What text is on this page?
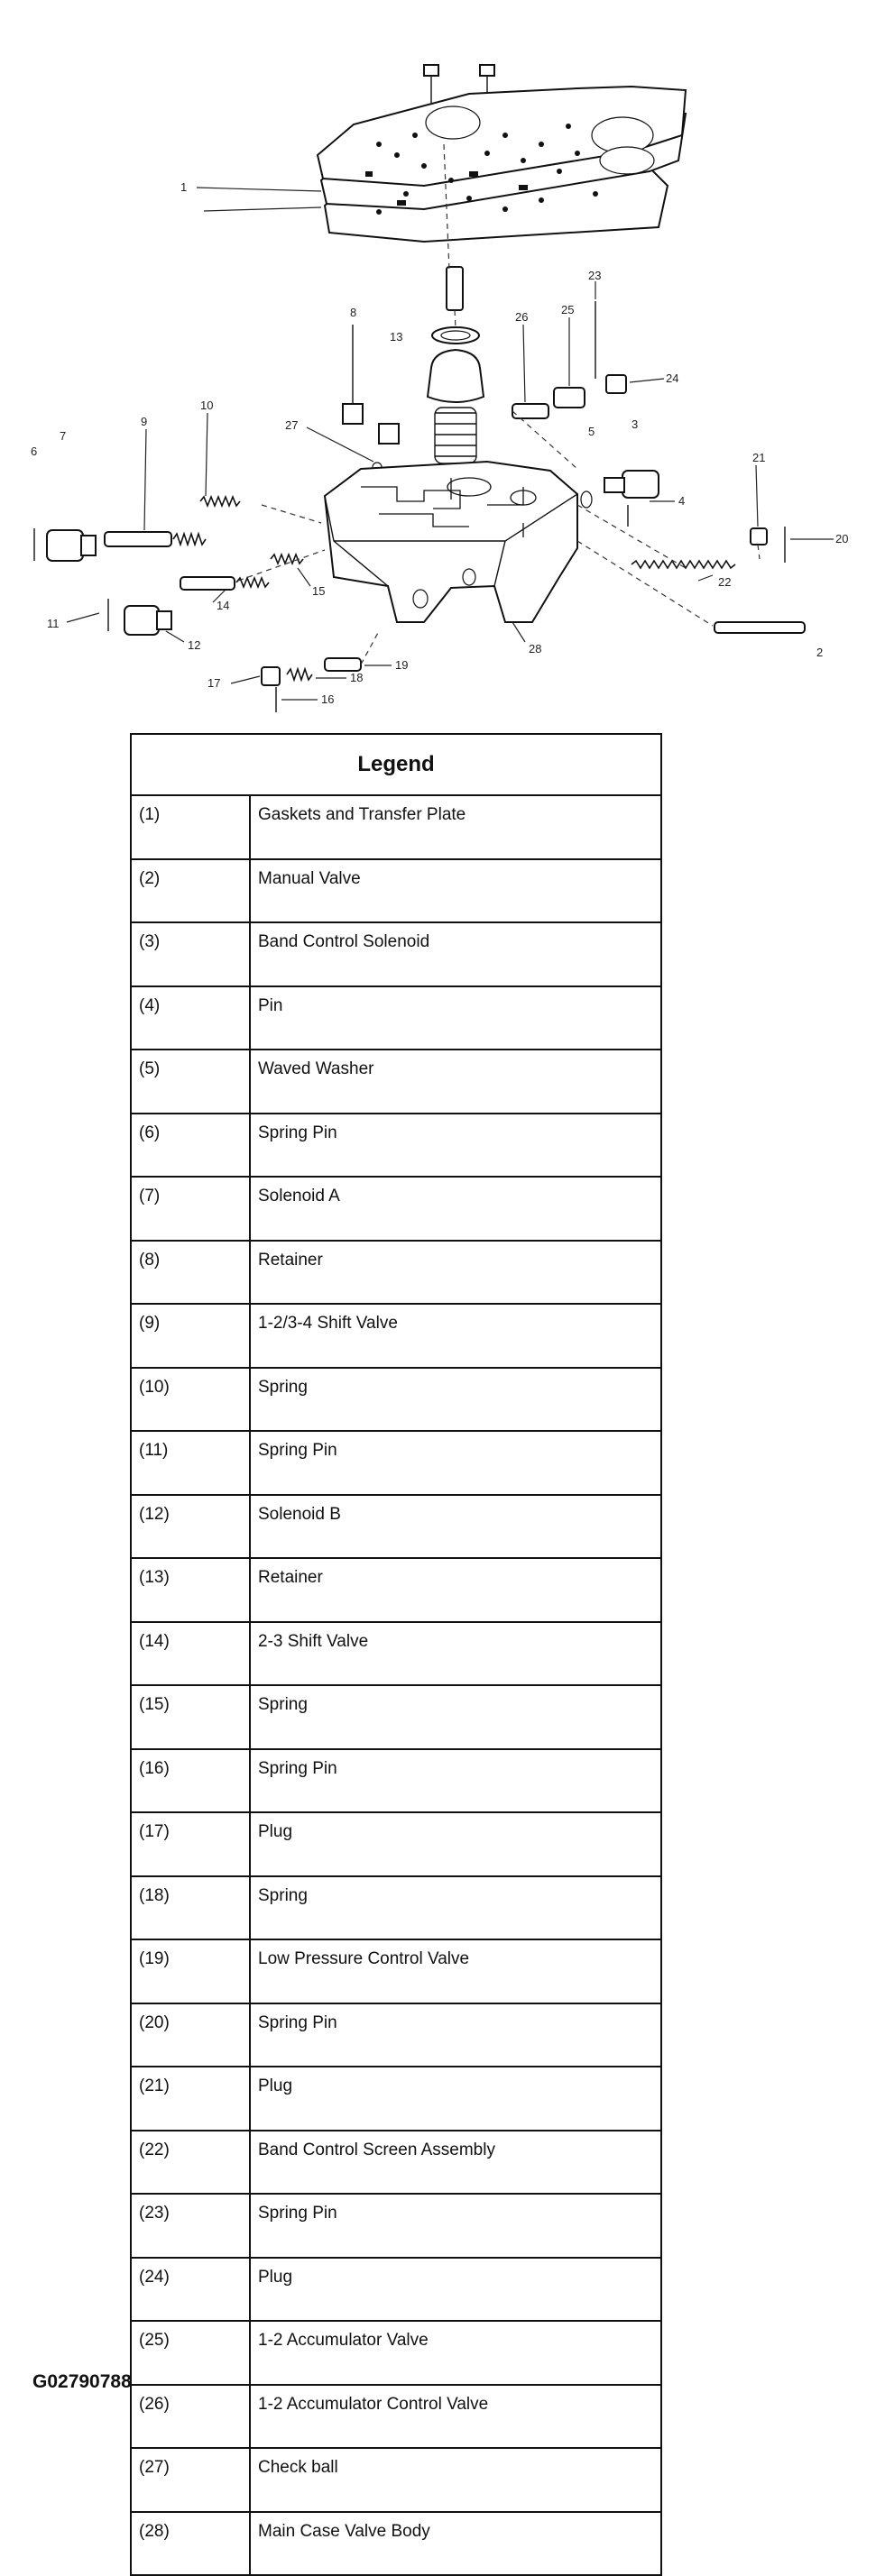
1
2
3
4
5
6
7
8
9
10
11
12
13
14
15
16
17	18
19
20
21
22
23
24
25
26
27
28
Legend	
(1)	Gaskets and Transfer Plate
(2)	Manual Valve
(3)	Band Control Solenoid
(4)	Pin
(5)	Waved Washer
(6)	Spring Pin
(7)	Solenoid A
(8)	Retainer
(9)	1-2/3-4 Shift Valve
(10)	Spring
(11)	Spring Pin
(12)	Solenoid B
(13)	Retainer
(14)	2-3 Shift Valve
(15)	Spring
(16)	Spring Pin
(17)	Plug
(18)	Spring
(19)	Low Pressure Control Valve
(20)	Spring Pin
(21)	Plug
(22)	Band Control Screen Assembly
(23)	Spring Pin
(24)	Plug
(25)	1-2 Accumulator Valve
(26)	1-2 Accumulator Control Valve
(27)	Check ball
(28)	Main Case Valve Body
G02790788
